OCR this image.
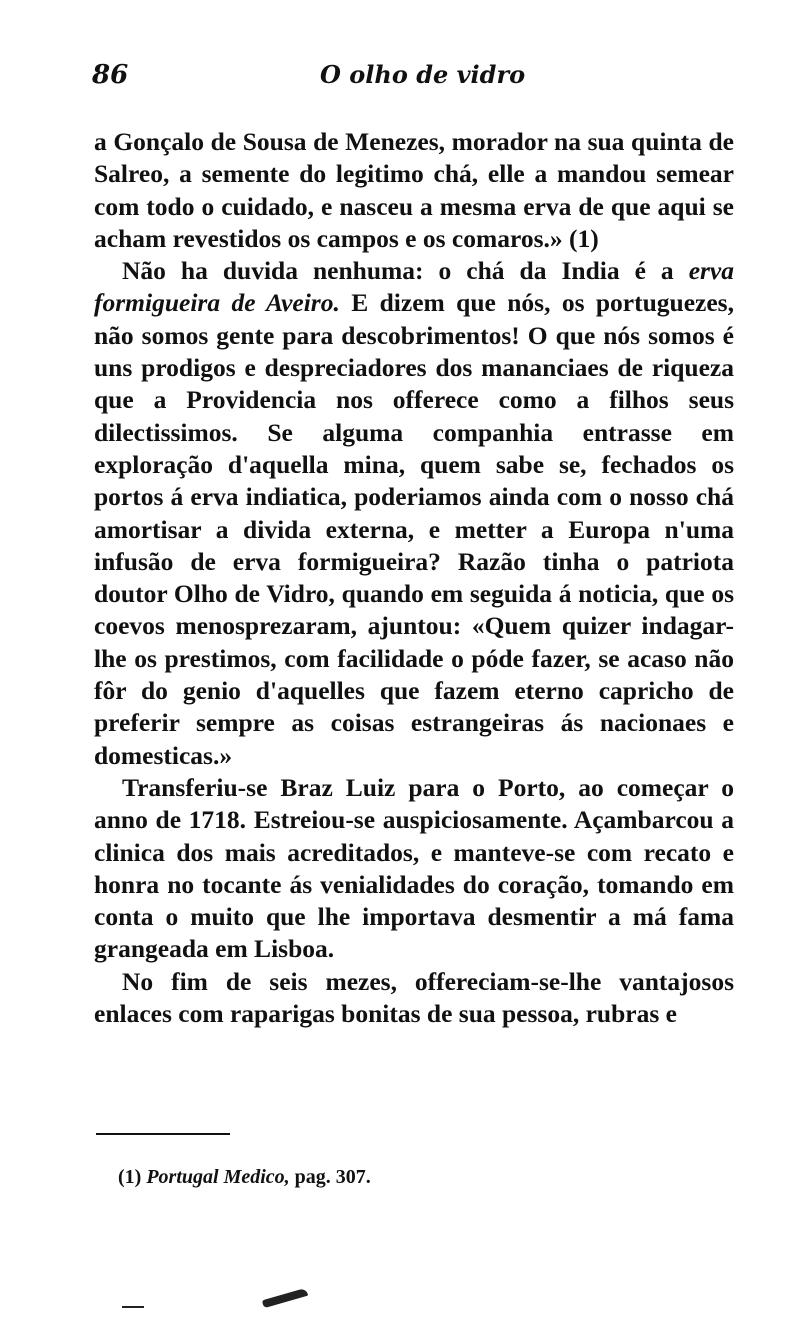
86	O olho de vidro

a Gonçalo de Sousa de Menezes, morador na sua quinta de Salreo, a semente do legitimo chá, elle a mandou semear com todo o cuidado, e nasceu a mesma erva de que aqui se acham revestidos os campos e os comaros.» (1)

Não ha duvida nenhuma: o chá da India é a erva formigueira de Aveiro. E dizem que nós, os portuguezes, não somos gente para descobrimentos! O que nós somos é uns prodigos e despreciadores dos mananciaes de riqueza que a Providencia nos offerece como a filhos seus dilectissimos. Se alguma companhia entrasse em exploração d'aquella mina, quem sabe se, fechados os portos á erva indiatica, poderiamos ainda com o nosso chá amortisar a divida externa, e metter a Europa n'uma infusão de erva formigueira? Razão tinha o patriota doutor Olho de Vidro, quando em seguida á noticia, que os coevos menosprezaram, ajuntou: «Quem quizer indagar-lhe os prestimos, com facilidade o póde fazer, se acaso não fôr do genio d'aquelles que fazem eterno capricho de preferir sempre as coisas estrangeiras ás nacionaes e domesticas.»

Transferiu-se Braz Luiz para o Porto, ao começar o anno de 1718. Estreiou-se auspiciosamente. Açambarcou a clinica dos mais acreditados, e manteve-se com recato e honra no tocante ás venialidades do coração, tomando em conta o muito que lhe importava desmentir a má fama grangeada em Lisboa.

No fim de seis mezes, offereciam-se-lhe vantajosos enlaces com raparigas bonitas de sua pessoa, rubras e

(1) Portugal Medico, pag. 307.
